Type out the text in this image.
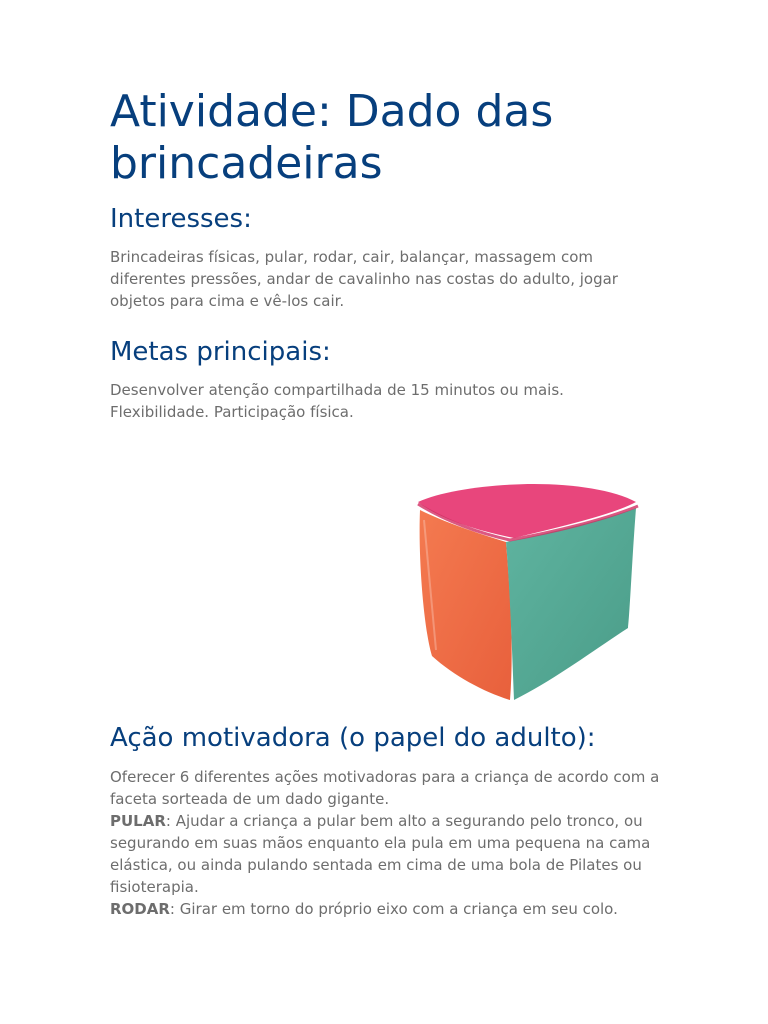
Atividade: Dado das brincadeiras
Interesses:

Brincadeiras físicas, pular, rodar, cair, balançar, massagem com diferentes pressões, andar de cavalinho nas costas do adulto, jogar objetos para cima e vê-los cair.

Metas principais:

Desenvolver atenção compartilhada de 15 minutos ou mais.
Flexibilidade. Participação física.

Ação motivadora (o papel do adulto):

Oferecer 6 diferentes ações motivadoras para a criança de acordo com a faceta sorteada de um dado gigante.
PULAR: Ajudar a criança a pular bem alto a segurando pelo tronco, ou segurando em suas mãos enquanto ela pula em uma pequena na cama elástica, ou ainda pulando sentada em cima de uma bola de Pilates ou fisioterapia.
RODAR: Girar em torno do próprio eixo com a criança em seu colo.
